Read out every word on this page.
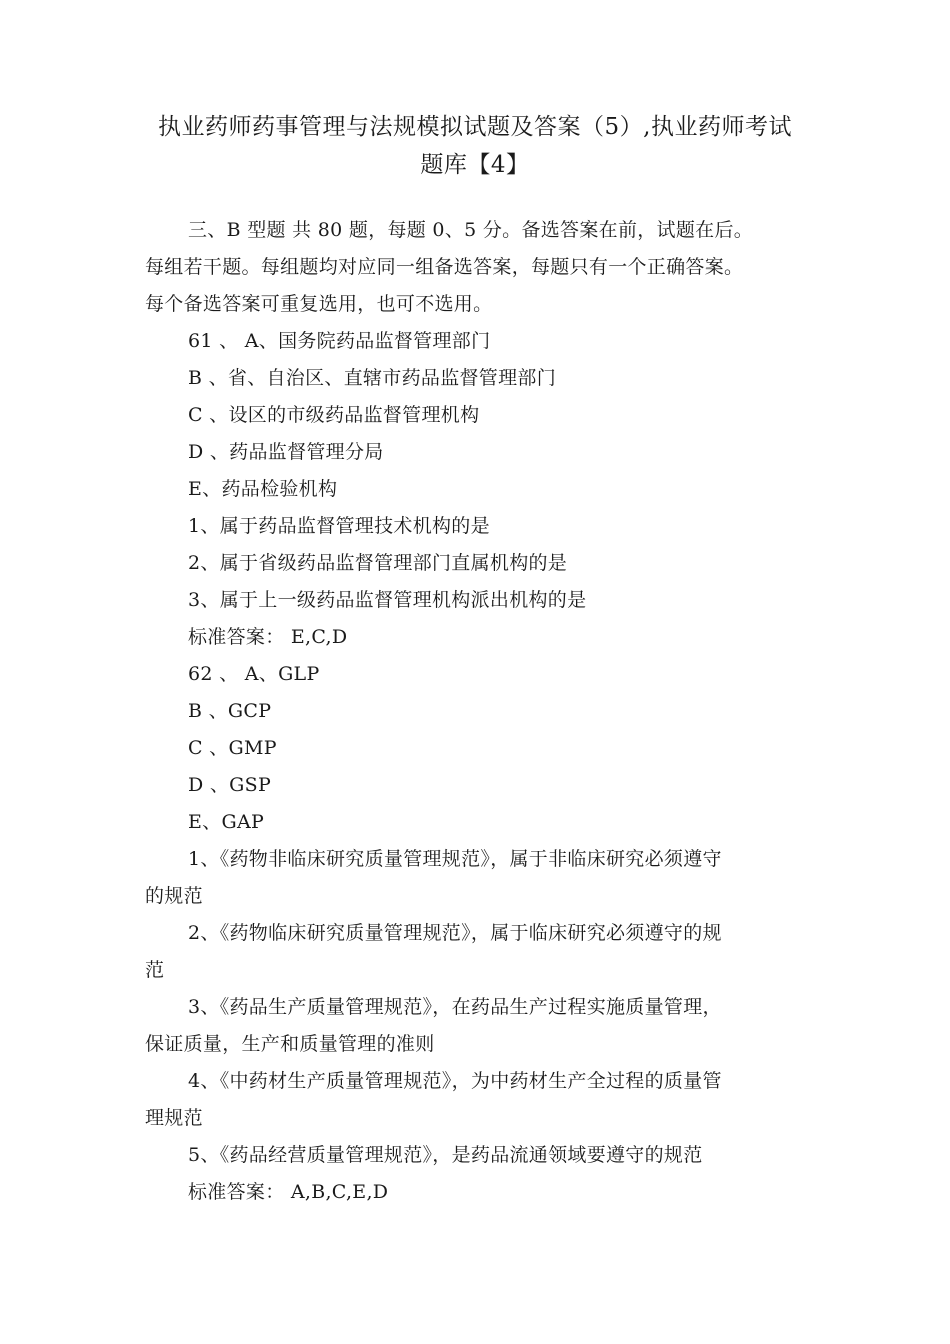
执业药师药事管理与法规模拟试题及答案（5）,执业药师考试
题库【4】
三、B 型题 共 80 题，每题 0、5 分。备选答案在前，试题在后。
每组若干题。每组题均对应同一组备选答案，每题只有一个正确答案。
每个备选答案可重复选用，也可不选用。
61 、 A、国务院药品监督管理部门
B 、省、自治区、直辖市药品监督管理部门
C 、设区的市级药品监督管理机构
D 、药品监督管理分局
E、药品检验机构
1、属于药品监督管理技术机构的是
2、属于省级药品监督管理部门直属机构的是
3、属于上一级药品监督管理机构派出机构的是
标准答案： E,C,D
62 、 A、GLP
B 、GCP
C 、GMP
D 、GSP
E、GAP
1、《药物非临床研究质量管理规范》，属于非临床研究必须遵守
的规范
2、《药物临床研究质量管理规范》，属于临床研究必须遵守的规
范
3、《药品生产质量管理规范》，在药品生产过程实施质量管理，
保证质量，生产和质量管理的准则
4、《中药材生产质量管理规范》，为中药材生产全过程的质量管
理规范
5、《药品经营质量管理规范》，是药品流通领域要遵守的规范
标准答案： A,B,C,E,D
